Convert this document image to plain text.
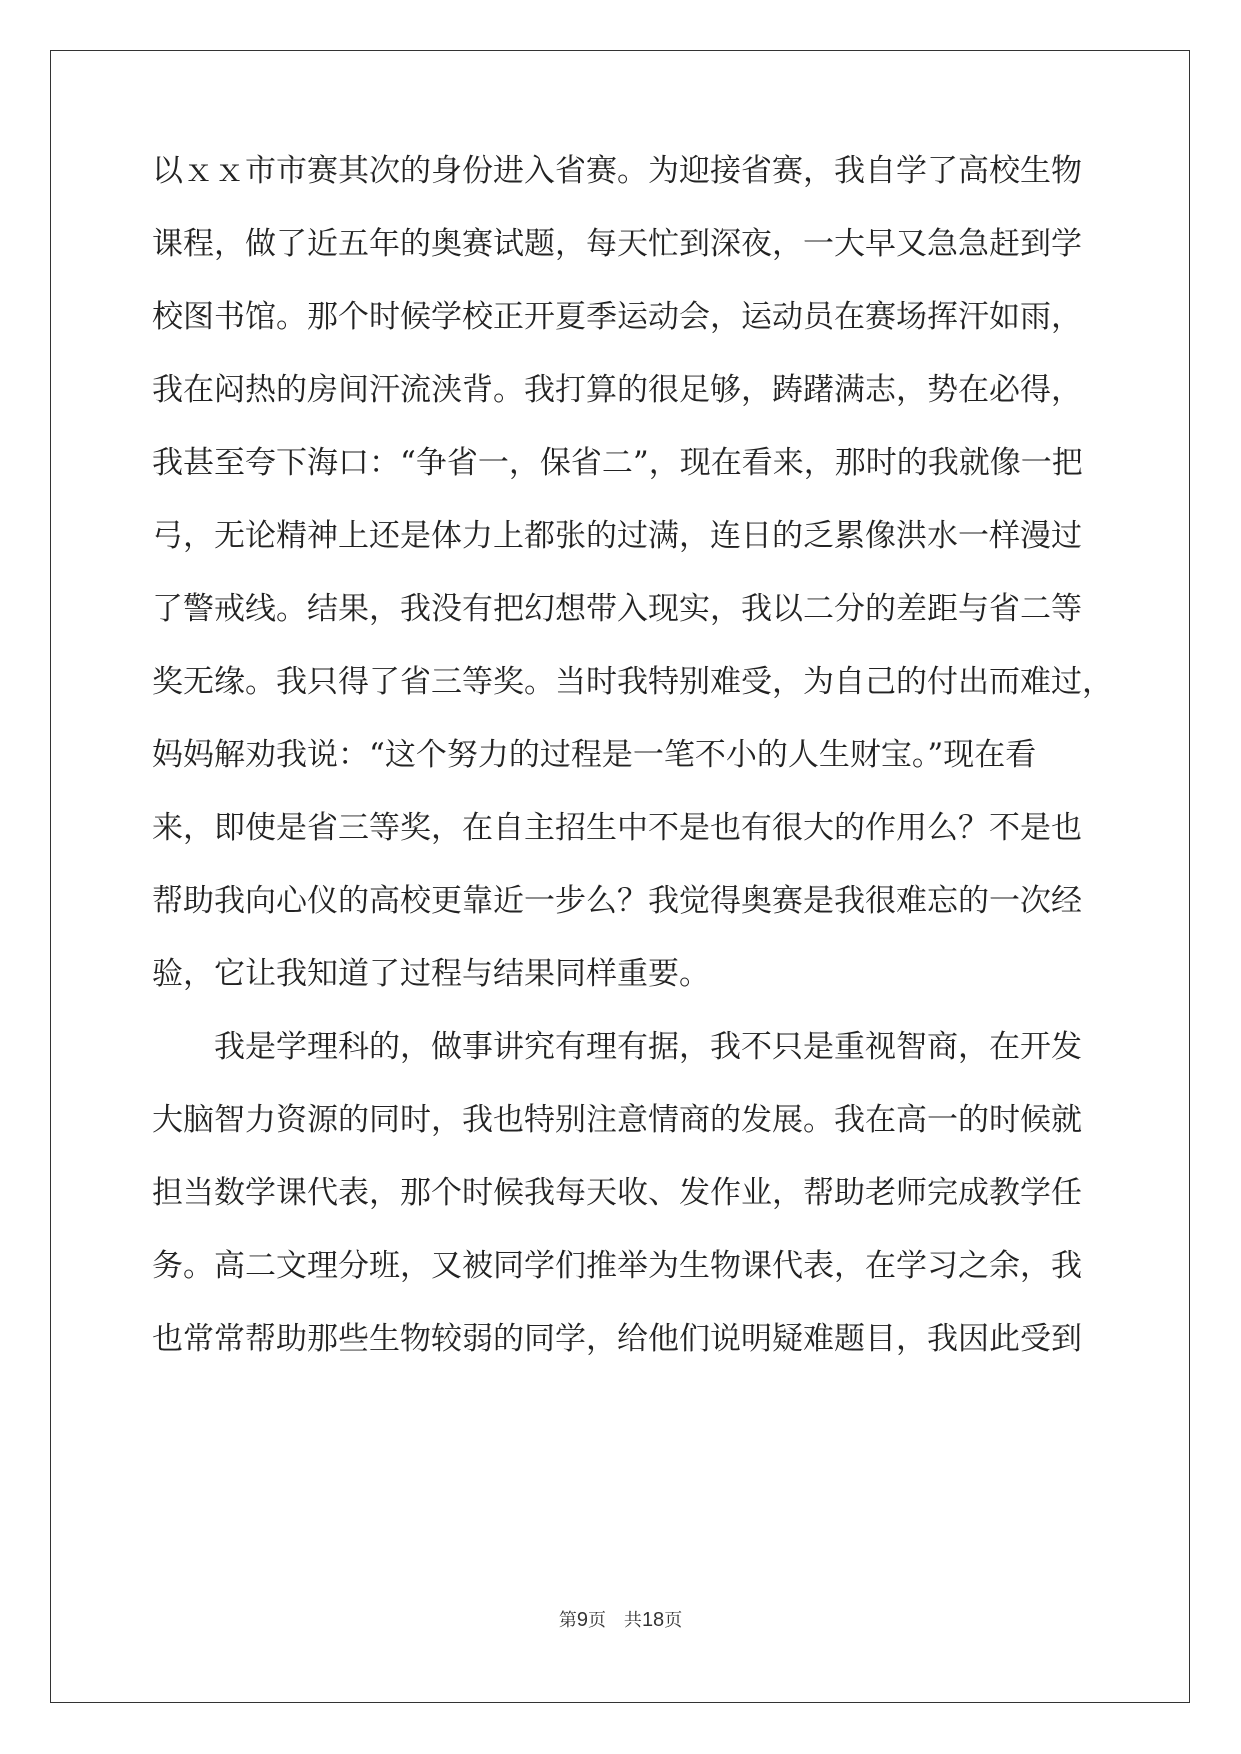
以ｘｘ市市赛其次的身份进入省赛。为迎接省赛，我自学了高校生物
课程，做了近五年的奥赛试题，每天忙到深夜，一大早又急急赶到学
校图书馆。那个时候学校正开夏季运动会，运动员在赛场挥汗如雨，
我在闷热的房间汗流浃背。我打算的很足够，踌躇满志，势在必得，
我甚至夸下海口：“争省一，保省二”，现在看来，那时的我就像一把
弓，无论精神上还是体力上都张的过满，连日的乏累像洪水一样漫过
了警戒线。结果，我没有把幻想带入现实，我以二分的差距与省二等
奖无缘。我只得了省三等奖。当时我特别难受，为自己的付出而难过，
妈妈解劝我说：“这个努力的过程是一笔不小的人生财宝。”现在看
来，即使是省三等奖，在自主招生中不是也有很大的作用么？不是也
帮助我向心仪的高校更靠近一步么？我觉得奥赛是我很难忘的一次经
验，它让我知道了过程与结果同样重要。
我是学理科的，做事讲究有理有据，我不只是重视智商，在开发
大脑智力资源的同时，我也特别注意情商的发展。我在高一的时候就
担当数学课代表，那个时候我每天收、发作业，帮助老师完成教学任
务。高二文理分班，又被同学们推举为生物课代表，在学习之余，我
也常常帮助那些生物较弱的同学，给他们说明疑难题目，我因此受到
第9页　共18页
